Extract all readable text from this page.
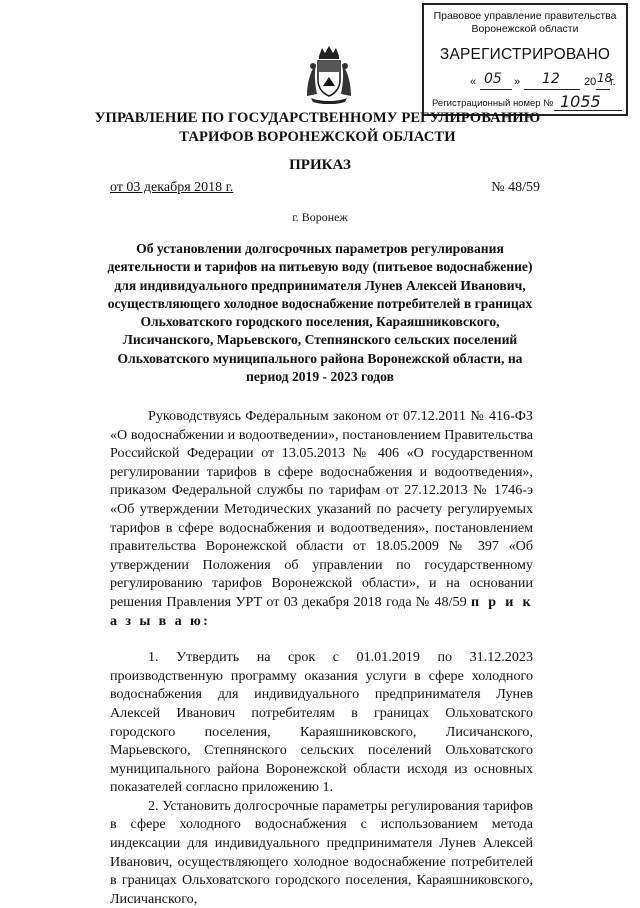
Правовое управление правительства
Воронежской области
ЗАРЕГИСТРИРОВАНО
« 05 » 12 20 18
г.
Регистрационный номер № 1055
УПРАВЛЕНИЕ ПО ГОСУДАРСТВЕННОМУ РЕГУЛИРОВАНИЮ ТАРИФОВ ВОРОНЕЖСКОЙ ОБЛАСТИ
ПРИКАЗ
от 03 декабря 2018 г.	№ 48/59
г. Воронеж
Об установлении долгосрочных параметров регулирования деятельности и тарифов на питьевую воду (питьевое водоснабжение) для индивидуального предпринимателя Лунев Алексей Иванович, осуществляющего холодное водоснабжение потребителей в границах Ольховатского городского поселения, Караяшниковского, Лисичанского, Марьевского, Степнянского сельских поселений Ольховатского муниципального района Воронежской области, на период 2019 - 2023 годов

Руководствуясь Федеральным законом от 07.12.2011 № 416-ФЗ «О водоснабжении и водоотведении», постановлением Правительства Российской Федерации от 13.05.2013 № 406 «О государственном регулировании тарифов в сфере водоснабжения и водоотведения», приказом Федеральной службы по тарифам от 27.12.2013 № 1746-э «Об утверждении Методических указаний по расчету регулируемых тарифов в сфере водоснабжения и водоотведения», постановлением правительства Воронежской области от 18.05.2009 № 397 «Об утверждении Положения об управлении по государственному регулированию тарифов Воронежской области», и на основании решения Правления УРТ от 03 декабря 2018 года № 48/59 п р и к а з ы в а ю:

1. Утвердить на срок с 01.01.2019 по 31.12.2023 производственную программу оказания услуги в сфере холодного водоснабжения для индивидуального предпринимателя Лунев Алексей Иванович потребителям в границах Ольховатского городского поселения, Караяшниковского, Лисичанского, Марьевского, Степнянского сельских поселений Ольховатского муниципального района Воронежской области исходя из основных показателей согласно приложению 1.

2. Установить долгосрочные параметры регулирования тарифов в сфере холодного водоснабжения с использованием метода индексации для индивидуального предпринимателя Лунев Алексей Иванович, осуществляющего холодное водоснабжение потребителей в границах Ольховатского городского поселения, Караяшниковского, Лисичанского,
